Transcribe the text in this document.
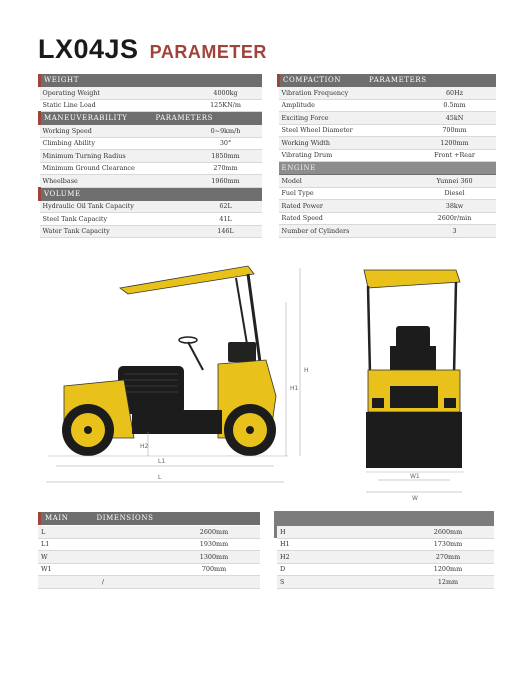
LX04JS PARAMETER
WEIGHT	
Operating Weight	4000kg
Static Line Load	125KN/m
MANEUVERABILITY PARAMETERS	
Working Speed	0~9km/h
Climbing Ability	30°
Minimum Turning Radius	1850mm
Minimum Ground Clearance	270mm
Wheelbase	1960mm
VOLUME	
Hydraulic Oil Tank Capacity	62L
Steel Tank Capacity	41L
Water Tank Capacity	146L
COMPACTION PARAMETERS	
Vibration Frequency	60Hz
Amplitude	0.5mm
Exciting Force	45kN
Steel Wheel Diameter	700mm
Working Width	1200mm
Vibrating Drum	Front +Rear
ENGINE	
Model	Yunnei 360
Fuel Type	Diesel
Rated Power	38kw
Rated Speed	2600r/min
Number of Cylinders	3
H
H1
H2
L1
L	W1
W
MAIN	DIMENSIONS
L	2600mm
L1	1930mm
W	1300mm
W1	700mm
/	
H	2600mm
H1	1730mm
H2	270mm
D	1200mm
S	12mm
